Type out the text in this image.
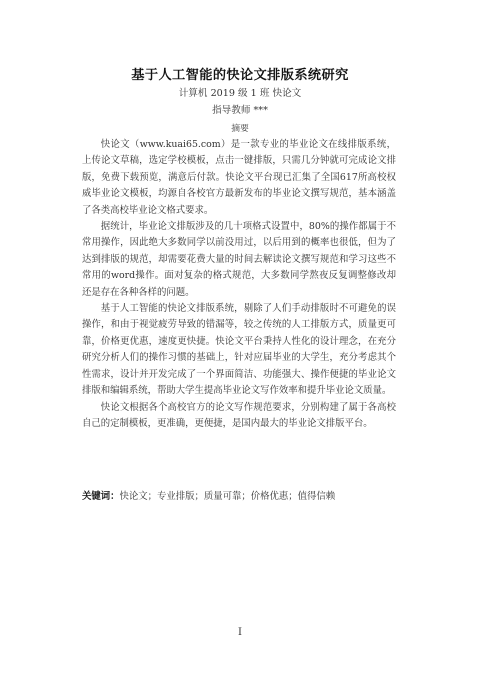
基于人工智能的快论文排版系统研究
计算机 2019 级 1 班 快论文
指导教师 ***
摘要

快论文（www.kuai65.com）是一款专业的毕业论文在线排版系统，上传论文草稿，选定学校模板，点击一键排版，只需几分钟就可完成论文排版，免费下载预览，满意后付款。快论文平台现已汇集了全国617所高校权威毕业论文模板，均源自各校官方最新发布的毕业论文撰写规范，基本涵盖了各类高校毕业论文格式要求。

据统计，毕业论文排版涉及的几十项格式设置中，80%的操作都属于不常用操作，因此绝大多数同学以前没用过，以后用到的概率也很低，但为了达到排版的规范，却需要花费大量的时间去解读论文撰写规范和学习这些不常用的word操作。面对复杂的格式规范，大多数同学熬夜反复调整修改却还是存在各种各样的问题。

基于人工智能的快论文排版系统，剔除了人们手动排版时不可避免的误操作，和由于视觉疲劳导致的错漏等，较之传统的人工排版方式，质量更可靠，价格更优惠，速度更快捷。快论文平台秉持人性化的设计理念，在充分研究分析人们的操作习惯的基础上，针对应届毕业的大学生，充分考虑其个性需求，设计并开发完成了一个界面简洁、功能强大、操作便捷的毕业论文排版和编辑系统，帮助大学生提高毕业论文写作效率和提升毕业论文质量。

快论文根据各个高校官方的论文写作规范要求，分别构建了属于各高校自己的定制模板，更准确，更便捷，是国内最大的毕业论文排版平台。

关键词：快论文；专业排版；质量可靠；价格优惠；值得信赖
I
